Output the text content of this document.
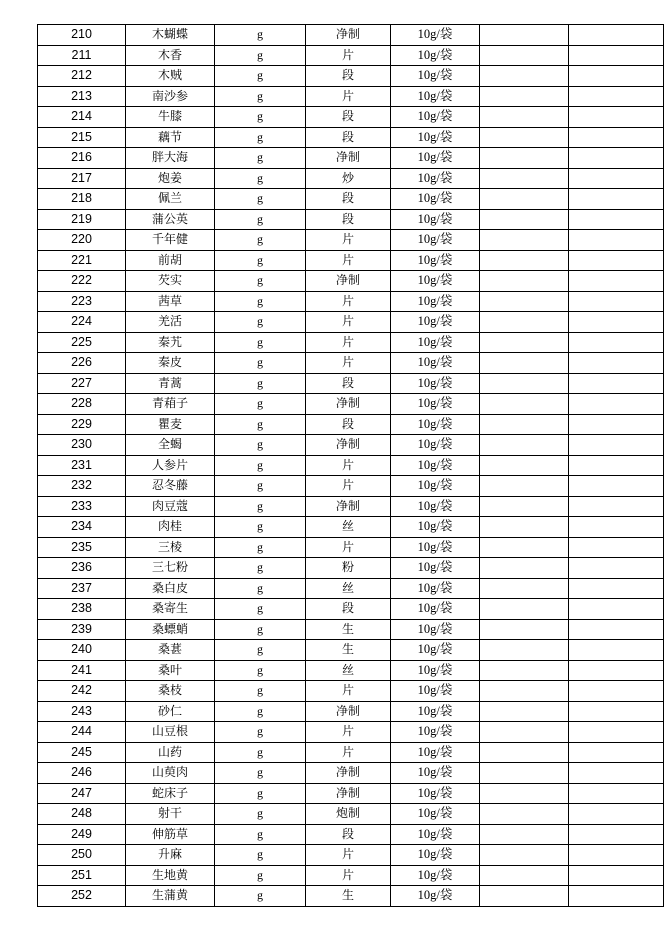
210	木蝴蝶	g	净制	10g/袋		
211	木香	g	片	10g/袋		
212	木贼	g	段	10g/袋		
213	南沙参	g	片	10g/袋		
214	牛膝	g	段	10g/袋		
215	藕节	g	段	10g/袋		
216	胖大海	g	净制	10g/袋		
217	炮姜	g	炒	10g/袋		
218	佩兰	g	段	10g/袋		
219	蒲公英	g	段	10g/袋		
220	千年健	g	片	10g/袋		
221	前胡	g	片	10g/袋		
222	芡实	g	净制	10g/袋		
223	茜草	g	片	10g/袋		
224	羌活	g	片	10g/袋		
225	秦艽	g	片	10g/袋		
226	秦皮	g	片	10g/袋		
227	青蒿	g	段	10g/袋		
228	青葙子	g	净制	10g/袋		
229	瞿麦	g	段	10g/袋		
230	全蝎	g	净制	10g/袋		
231	人参片	g	片	10g/袋		
232	忍冬藤	g	片	10g/袋		
233	肉豆蔻	g	净制	10g/袋		
234	肉桂	g	丝	10g/袋		
235	三棱	g	片	10g/袋		
236	三七粉	g	粉	10g/袋		
237	桑白皮	g	丝	10g/袋		
238	桑寄生	g	段	10g/袋		
239	桑螵蛸	g	生	10g/袋		
240	桑葚	g	生	10g/袋		
241	桑叶	g	丝	10g/袋		
242	桑枝	g	片	10g/袋		
243	砂仁	g	净制	10g/袋		
244	山豆根	g	片	10g/袋		
245	山药	g	片	10g/袋		
246	山萸肉	g	净制	10g/袋		
247	蛇床子	g	净制	10g/袋		
248	射干	g	炮制	10g/袋		
249	伸筋草	g	段	10g/袋		
250	升麻	g	片	10g/袋		
251	生地黄	g	片	10g/袋		
252	生蒲黄	g	生	10g/袋		
